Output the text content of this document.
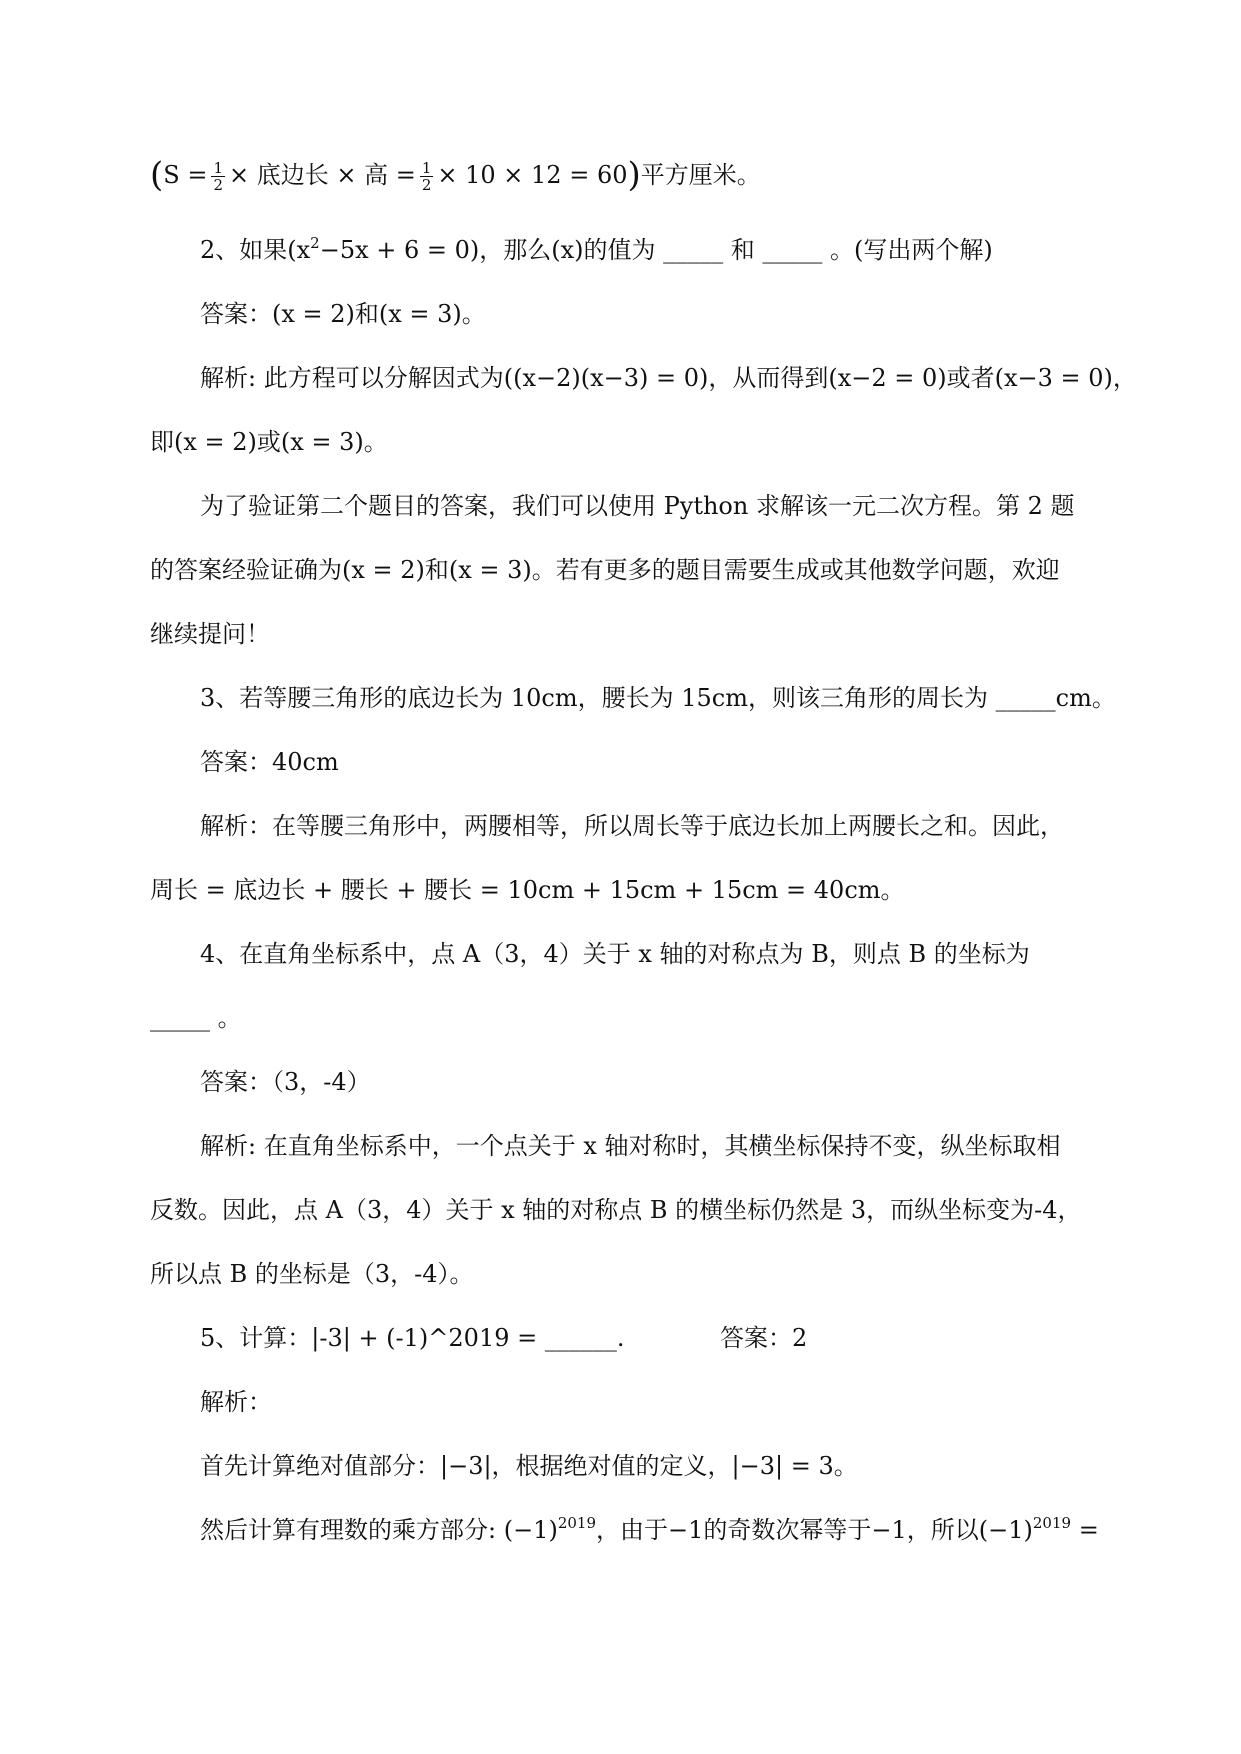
($S = \frac{1}{2}$ × 底边长 × 高 = $\frac{1}{2} \times 10 \times 12 = 60$)平方厘米。
2、如果$(x^2-5x + 6 = 0)$，那么(x)的值为 _____ 和 _____ 。(写出两个解)
答案：(x = 2)和(x = 3)。
解析: 此方程可以分解因式为((x−2)(x−3) = 0)，从而得到(x−2 = 0)或者(x−3 = 0)，
即(x = 2)或(x = 3)。
为了验证第二个题目的答案，我们可以使用 Python 求解该一元二次方程。第 2 题
的答案经验证确为(x = 2)和(x = 3)。若有更多的题目需要生成或其他数学问题，欢迎
继续提问！
3、若等腰三角形的底边长为 10cm，腰长为 15cm，则该三角形的周长为 _____cm。
答案：40cm
解析：在等腰三角形中，两腰相等，所以周长等于底边长加上两腰长之和。因此，
周长 = 底边长 + 腰长 + 腰长 = 10cm + 15cm + 15cm = 40cm。
4、在直角坐标系中，点 A（3，4）关于 x 轴的对称点为 B，则点 B 的坐标为
_____ 。
答案：（3，-4）
解析: 在直角坐标系中，一个点关于 x 轴对称时，其横坐标保持不变，纵坐标取相
反数。因此，点 A（3，4）关于 x 轴的对称点 B 的横坐标仍然是 3，而纵坐标变为-4，
所以点 B 的坐标是（3，-4）。
5、计算：|-3| + (-1)^2019 = ______.	答案：2
解析：
首先计算绝对值部分：|−3|，根据绝对值的定义，|−3| = 3。
然后计算有理数的乘方部分: $(-1)^{2019}$，由于−1的奇数次幂等于−1，所以$(-1)^{2019}$ =
